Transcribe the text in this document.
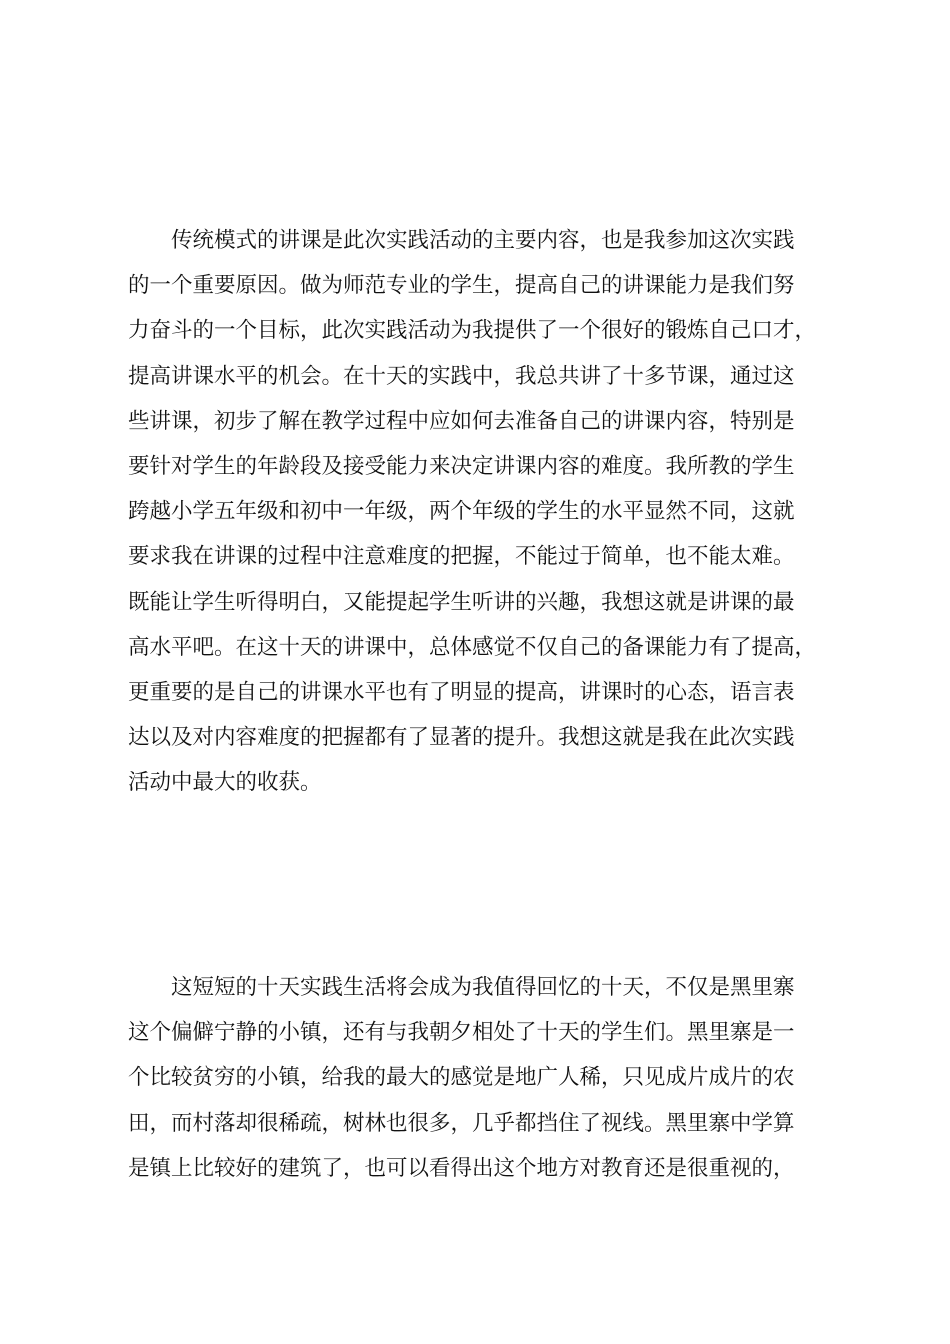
传统模式的讲课是此次实践活动的主要内容，也是我参加这次实践
的一个重要原因。做为师范专业的学生，提高自己的讲课能力是我们努
力奋斗的一个目标，此次实践活动为我提供了一个很好的锻炼自己口才，
提高讲课水平的机会。在十天的实践中，我总共讲了十多节课，通过这
些讲课，初步了解在教学过程中应如何去准备自己的讲课内容，特别是
要针对学生的年龄段及接受能力来决定讲课内容的难度。我所教的学生
跨越小学五年级和初中一年级，两个年级的学生的水平显然不同，这就
要求我在讲课的过程中注意难度的把握，不能过于简单，也不能太难。
既能让学生听得明白，又能提起学生听讲的兴趣，我想这就是讲课的最
高水平吧。在这十天的讲课中，总体感觉不仅自己的备课能力有了提高，
更重要的是自己的讲课水平也有了明显的提高，讲课时的心态，语言表
达以及对内容难度的把握都有了显著的提升。我想这就是我在此次实践
活动中最大的收获。
这短短的十天实践生活将会成为我值得回忆的十天，不仅是黑里寨
这个偏僻宁静的小镇，还有与我朝夕相处了十天的学生们。黑里寨是一
个比较贫穷的小镇，给我的最大的感觉是地广人稀，只见成片成片的农
田，而村落却很稀疏，树林也很多，几乎都挡住了视线。黑里寨中学算
是镇上比较好的建筑了，也可以看得出这个地方对教育还是很重视的，
